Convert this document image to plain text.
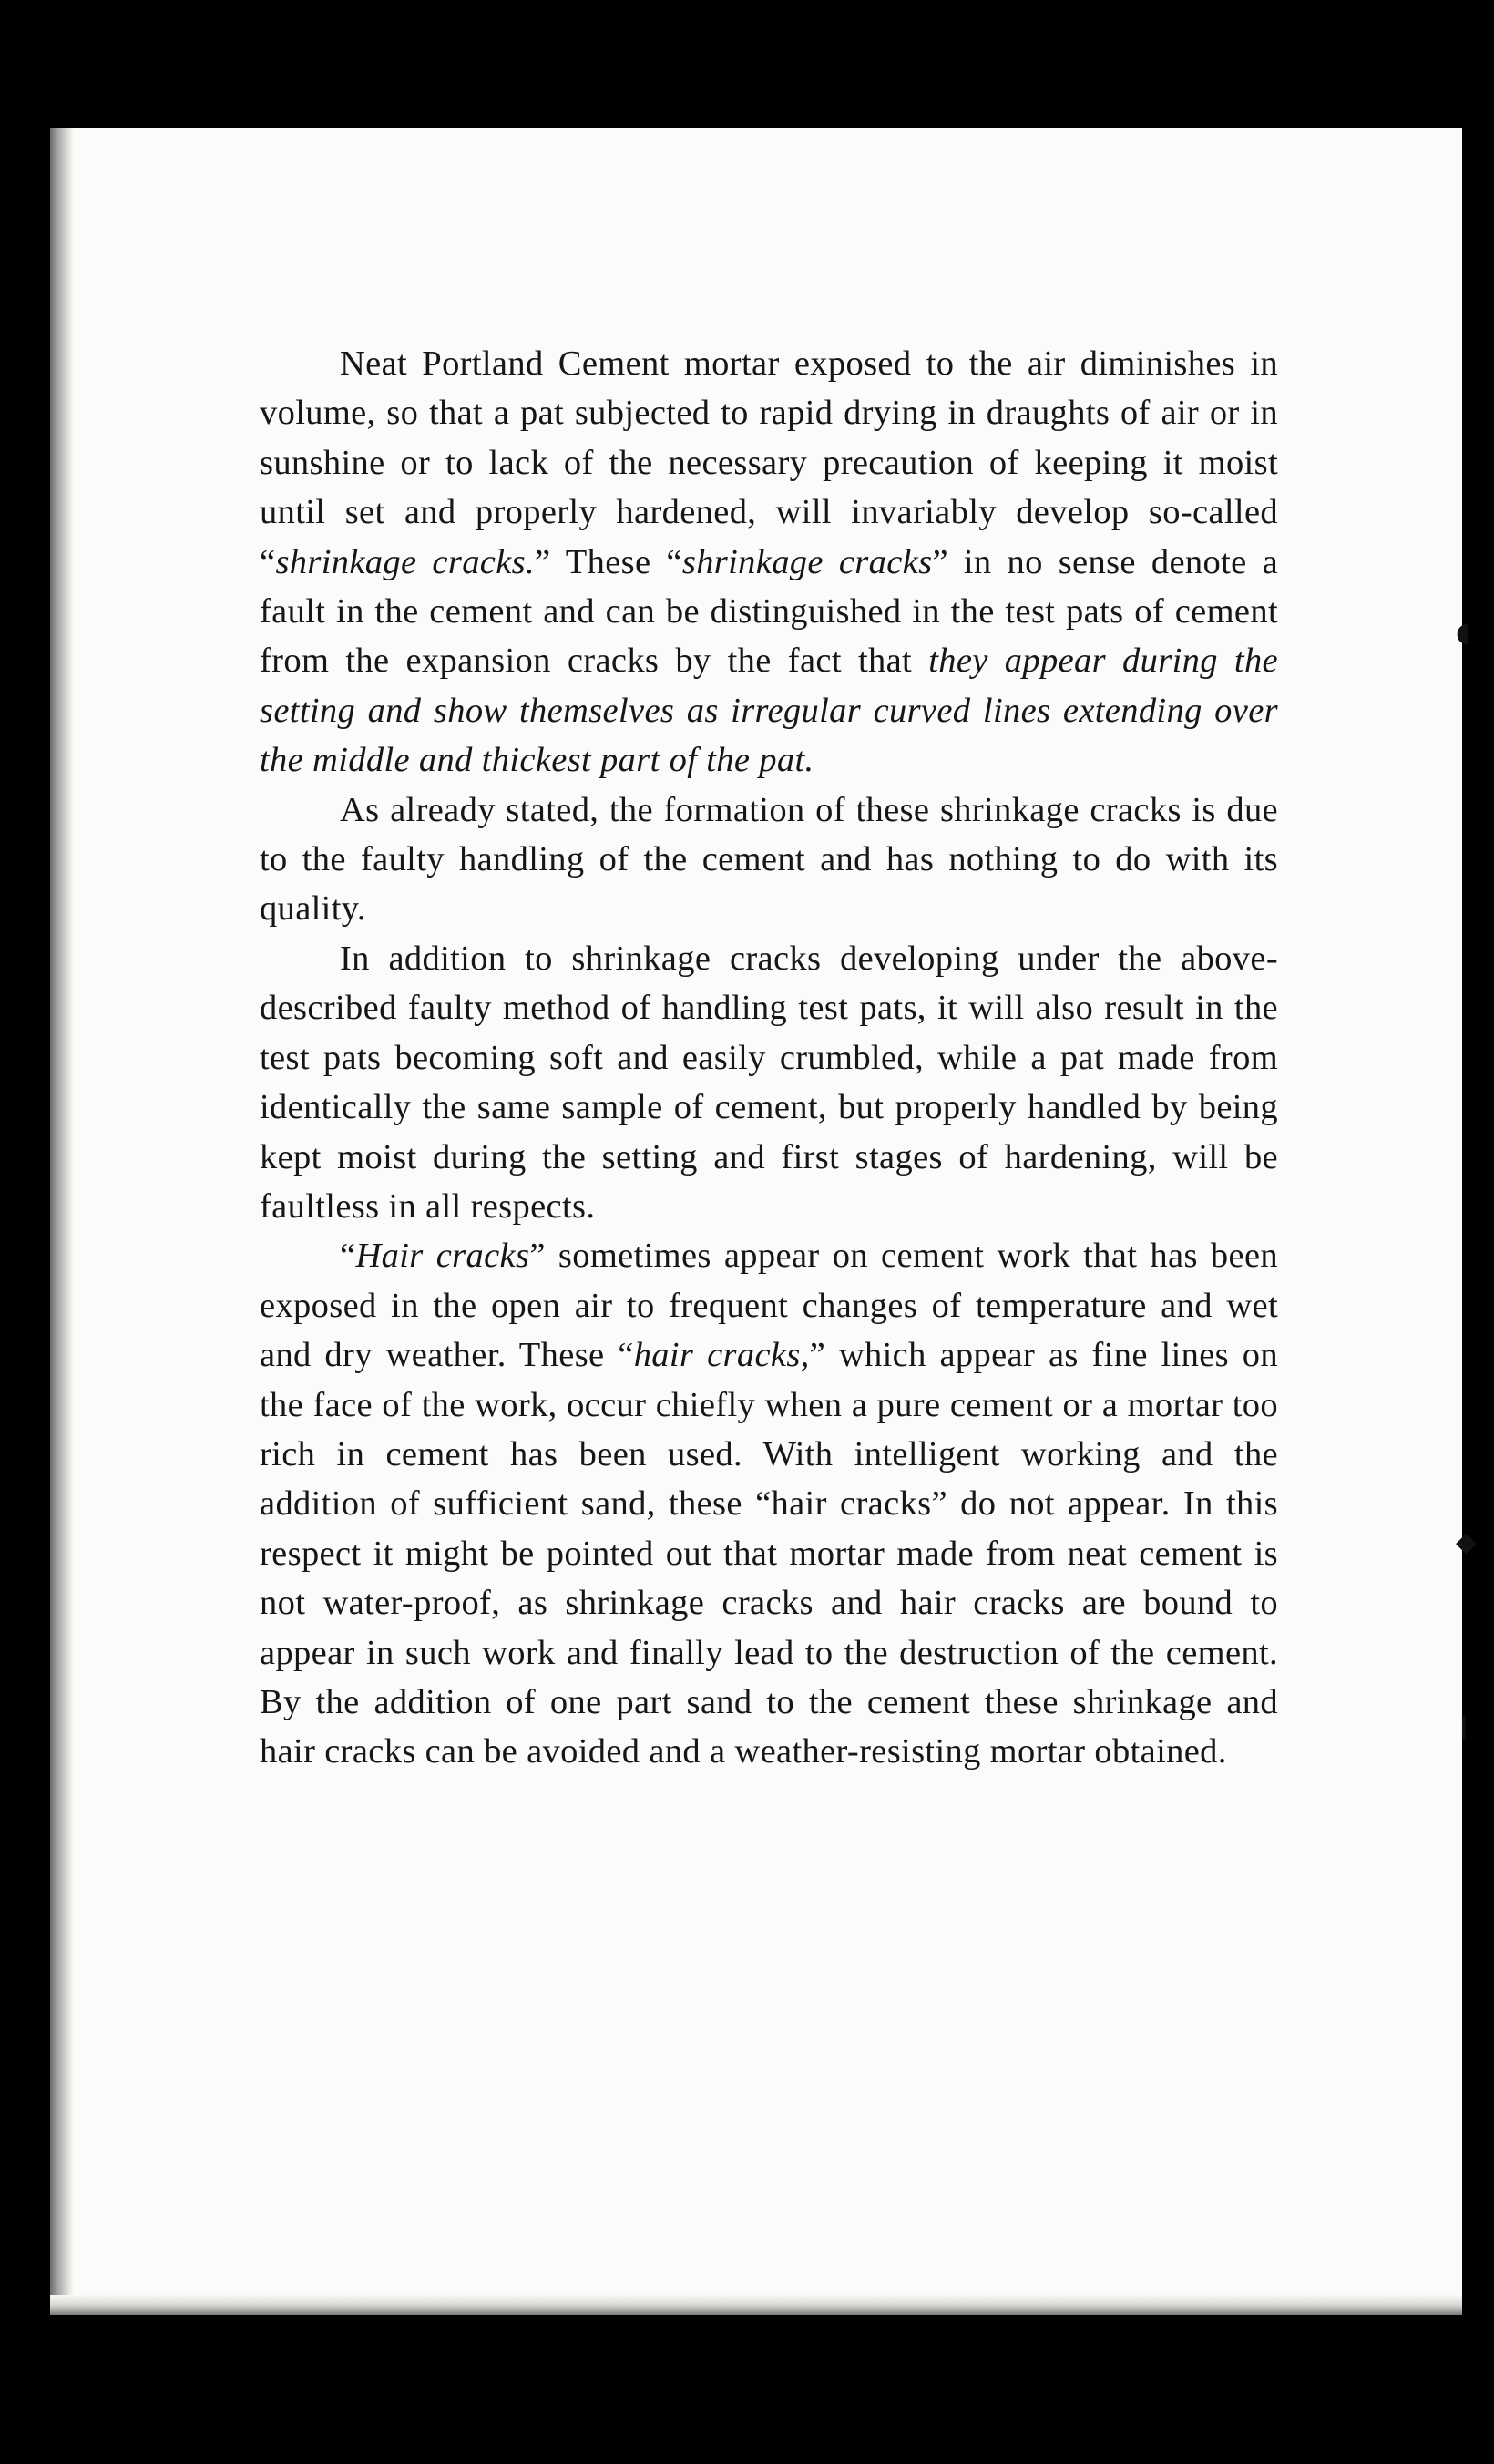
◖
◆
┃

Neat Portland Cement mortar exposed to the air diminishes in volume, so that a pat subjected to rapid drying in draughts of air or in sunshine or to lack of the necessary precaution of keeping it moist until set and properly hardened, will invariably develop so-called “shrinkage cracks.” These “shrinkage cracks” in no sense denote a fault in the cement and can be distinguished in the test pats of cement from the expansion cracks by the fact that they appear during the setting and show themselves as irregular curved lines extending over the middle and thickest part of the pat.

As already stated, the formation of these shrinkage cracks is due to the faulty handling of the cement and has nothing to do with its quality.

In addition to shrinkage cracks developing under the above-described faulty method of handling test pats, it will also result in the test pats becoming soft and easily crumbled, while a pat made from identically the same sample of cement, but properly handled by being kept moist during the setting and first stages of hardening, will be faultless in all respects.

“Hair cracks” sometimes appear on cement work that has been exposed in the open air to frequent changes of temperature and wet and dry weather. These “hair cracks,” which appear as fine lines on the face of the work, occur chiefly when a pure cement or a mortar too rich in cement has been used. With intelligent working and the addition of sufficient sand, these “hair cracks” do not appear. In this respect it might be pointed out that mortar made from neat cement is not water-proof, as shrinkage cracks and hair cracks are bound to appear in such work and finally lead to the destruction of the cement. By the addition of one part sand to the cement these shrinkage and hair cracks can be avoided and a weather-resisting mortar obtained.
